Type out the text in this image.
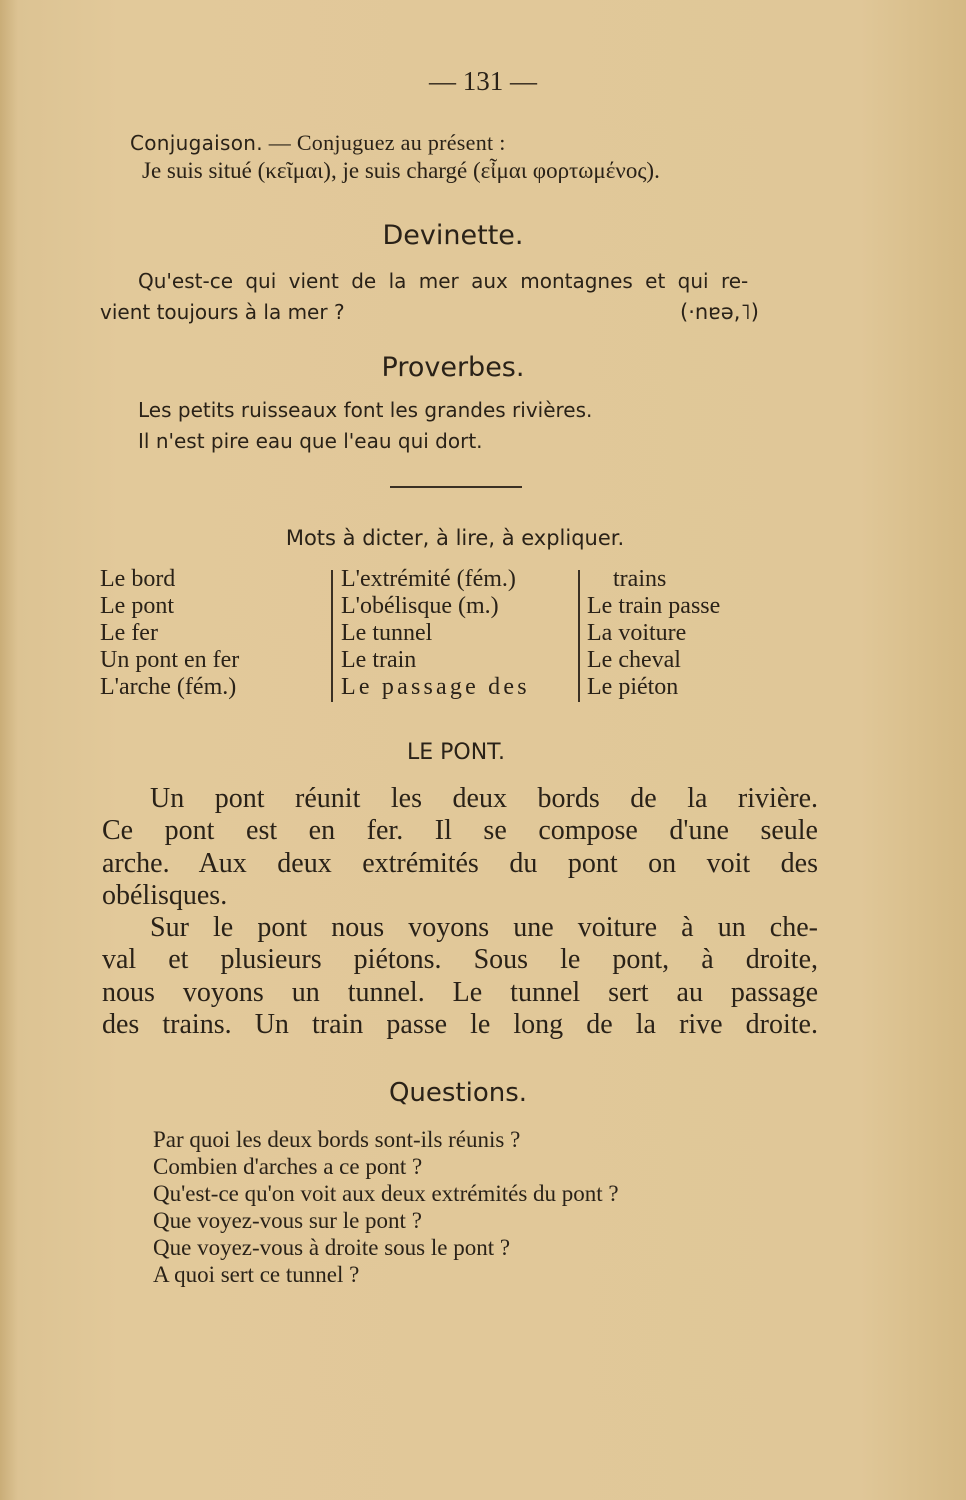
— 131 —
Conjugaison. — Conjuguez au présent :
Je suis situé (κεῖμαι), je suis chargé (εἶμαι φορτωμένος).
Devinette.
Qu'est-ce qui vient de la mer aux montagnes et qui re-
vient toujours à la mer ?	(·nɐǝ,˥)
Proverbes.
Les petits ruisseaux font les grandes rivières.
Il n'est pire eau que l'eau qui dort.
Mots à dicter, à lire, à expliquer.
Le bord
Le pont
Le fer
Un pont en fer
L'arche (fém.)
L'extrémité (fém.)
L'obélisque (m.)
Le tunnel
Le train
Le passage des
trains
Le train passe
La voiture
Le cheval
Le piéton
LE PONT.

Un pont réunit les deux bords de la rivière.
Ce pont est en fer. Il se compose d'une seule
arche. Aux deux extrémités du pont on voit des
obélisques.

Sur le pont nous voyons une voiture à un che-
val et plusieurs piétons. Sous le pont, à droite,
nous voyons un tunnel. Le tunnel sert au passage
des trains. Un train passe le long de la rive droite.

Questions.
Par quoi les deux bords sont-ils réunis ?
Combien d'arches a ce pont ?
Qu'est-ce qu'on voit aux deux extrémités du pont ?
Que voyez-vous sur le pont ?
Que voyez-vous à droite sous le pont ?
A quoi sert ce tunnel ?
